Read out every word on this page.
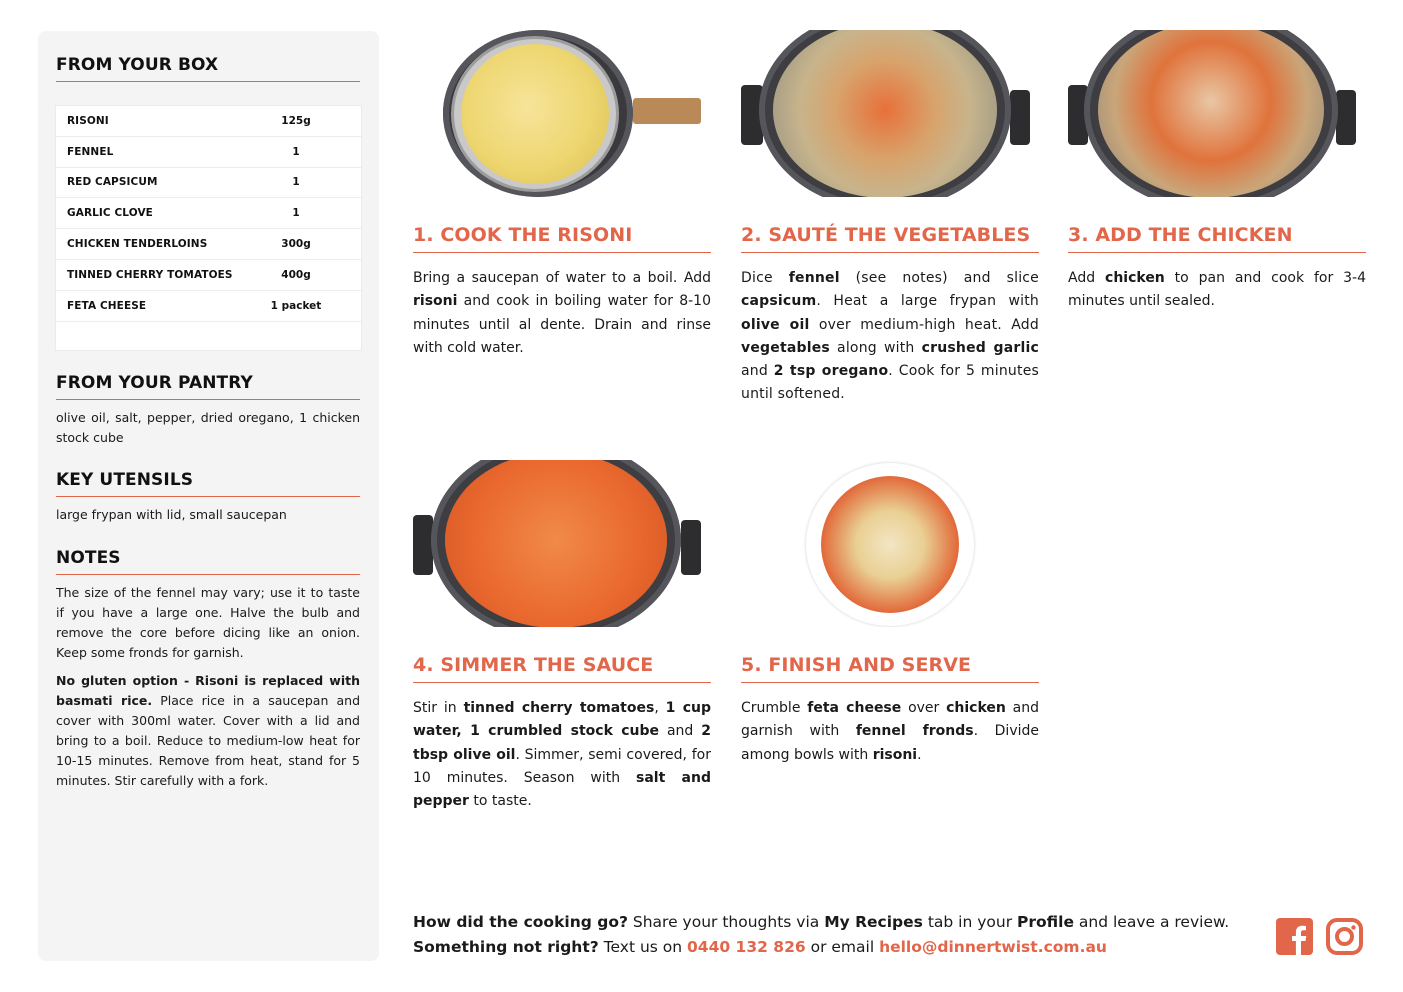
FROM YOUR BOX
RISONI	125g
FENNEL	1
RED CAPSICUM	1
GARLIC CLOVE	1
CHICKEN TENDERLOINS	300g
TINNED CHERRY TOMATOES	400g
FETA CHEESE	1 packet
FROM YOUR PANTRY
olive oil, salt, pepper, dried oregano, 1 chicken stock cube
KEY UTENSILS
large frypan with lid, small saucepan
NOTES
The size of the fennel may vary; use it to taste if you have a large one. Halve the bulb and remove the core before dicing like an onion. Keep some fronds for garnish.
No gluten option - Risoni is replaced with basmati rice. Place rice in a saucepan and cover with 300ml water. Cover with a lid and bring to a boil. Reduce to medium-low heat for 10-15 minutes. Remove from heat, stand for 5 minutes. Stir carefully with a fork.
1. COOK THE RISONI
Bring a saucepan of water to a boil. Add risoni and cook in boiling water for 8-10 minutes until al dente. Drain and rinse with cold water.
2. SAUTÉ THE VEGETABLES
Dice fennel (see notes) and slice capsicum. Heat a large frypan with olive oil over medium-high heat. Add vegetables along with crushed garlic and 2 tsp oregano. Cook for 5 minutes until softened.
3. ADD THE CHICKEN
Add chicken to pan and cook for 3-4 minutes until sealed.
4. SIMMER THE SAUCE
Stir in tinned cherry tomatoes, 1 cup water, 1 crumbled stock cube and 2 tbsp olive oil. Simmer, semi covered, for 10 minutes. Season with salt and pepper to taste.
5. FINISH AND SERVE
Crumble feta cheese over chicken and garnish with fennel fronds. Divide among bowls with risoni.
How did the cooking go? Share your thoughts via My Recipes tab in your Profile and leave a review.
Something not right? Text us on 0440 132 826 or email hello@dinnertwist.com.au
